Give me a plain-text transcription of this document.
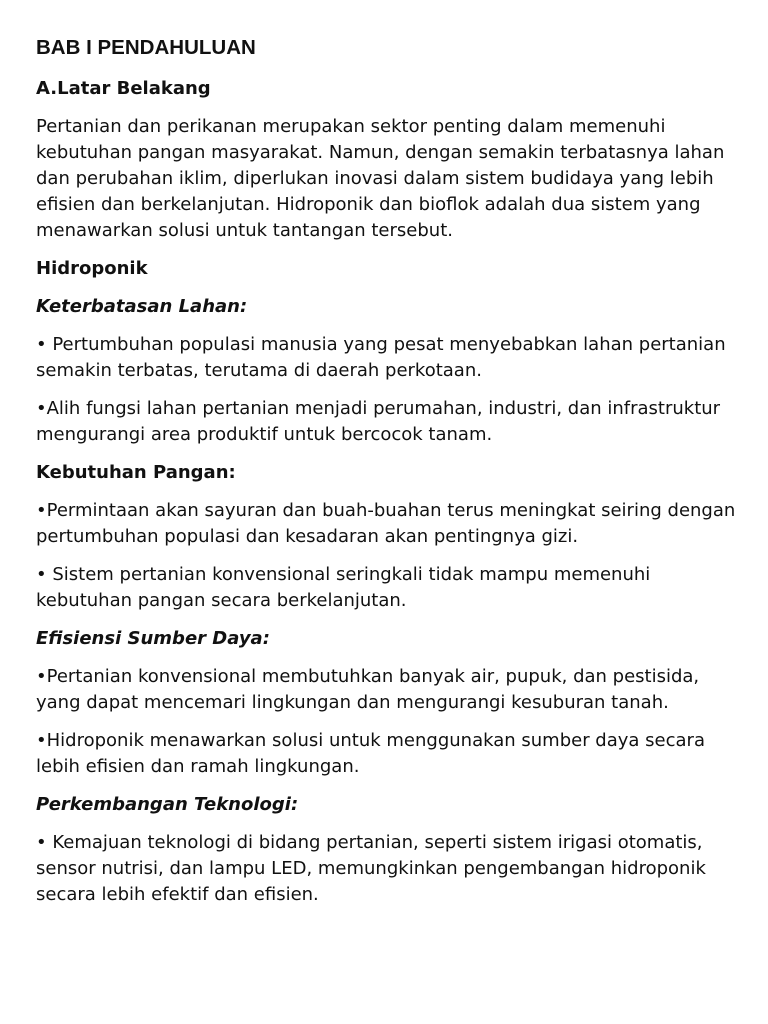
BAB I PENDAHULUAN
A.Latar Belakang

Pertanian dan perikanan merupakan sektor penting dalam memenuhi kebutuhan pangan masyarakat. Namun, dengan semakin terbatasnya lahan dan perubahan iklim, diperlukan inovasi dalam sistem budidaya yang lebih efisien dan berkelanjutan. Hidroponik dan bioflok adalah dua sistem yang menawarkan solusi untuk tantangan tersebut.

Hidroponik
Keterbatasan Lahan:

• Pertumbuhan populasi manusia yang pesat menyebabkan lahan pertanian semakin terbatas, terutama di daerah perkotaan.

•Alih fungsi lahan pertanian menjadi perumahan, industri, dan infrastruktur mengurangi area produktif untuk bercocok tanam.

Kebutuhan Pangan:

•Permintaan akan sayuran dan buah-buahan terus meningkat seiring dengan pertumbuhan populasi dan kesadaran akan pentingnya gizi.

• Sistem pertanian konvensional seringkali tidak mampu memenuhi kebutuhan pangan secara berkelanjutan.

Efisiensi Sumber Daya:

•Pertanian konvensional membutuhkan banyak air, pupuk, dan pestisida, yang dapat mencemari lingkungan dan mengurangi kesuburan tanah.

•Hidroponik menawarkan solusi untuk menggunakan sumber daya secara lebih efisien dan ramah lingkungan.

Perkembangan Teknologi:

• Kemajuan teknologi di bidang pertanian, seperti sistem irigasi otomatis, sensor nutrisi, dan lampu LED, memungkinkan pengembangan hidroponik secara lebih efektif dan efisien.
